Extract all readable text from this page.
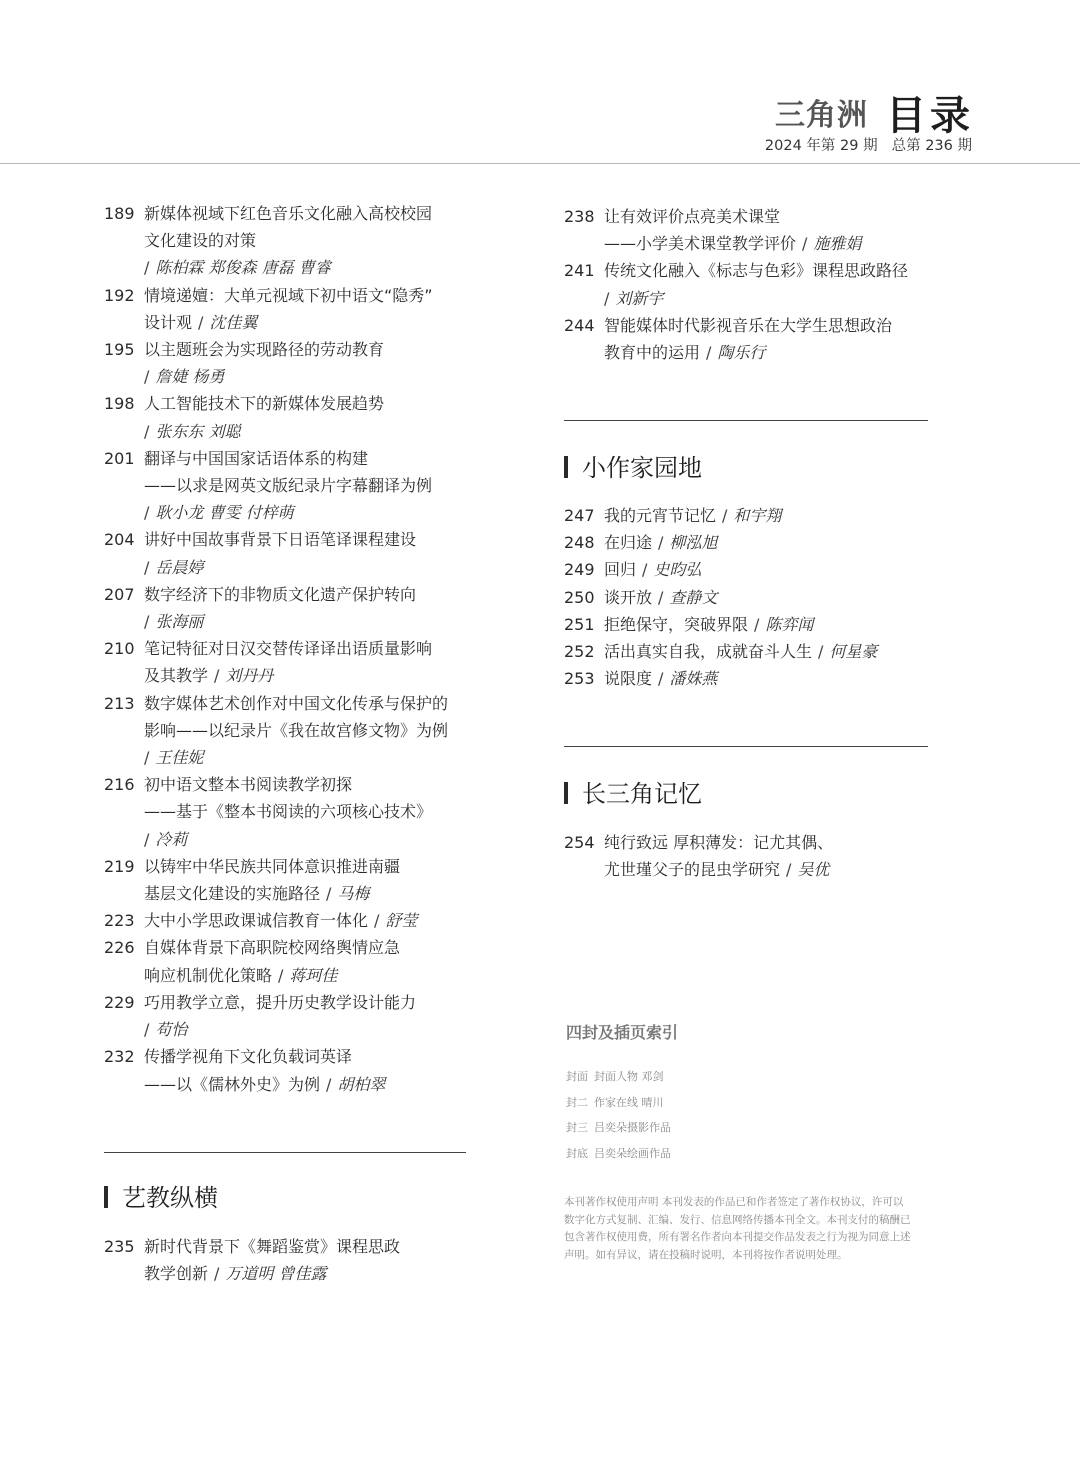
三角洲 目录
2024 年第 29 期 总第 236 期
189 新媒体视域下红色音乐文化融入高校校园
文化建设的对策
/ 陈柏霖 郑俊森 唐磊 曹睿
192 情境递嬗：大单元视域下初中语文“隐秀”
设计观 / 沈佳翼
195 以主题班会为实现路径的劳动教育
/ 詹婕 杨勇
198 人工智能技术下的新媒体发展趋势
/ 张东东 刘聪
201 翻译与中国国家话语体系的构建
——以求是网英文版纪录片字幕翻译为例
/ 耿小龙 曹雯 付梓萌
204 讲好中国故事背景下日语笔译课程建设
/ 岳晨婷
207 数字经济下的非物质文化遗产保护转向
/ 张海丽
210 笔记特征对日汉交替传译译出语质量影响
及其教学 / 刘丹丹
213 数字媒体艺术创作对中国文化传承与保护的
影响——以纪录片《我在故宫修文物》为例
/ 王佳妮
216 初中语文整本书阅读教学初探
——基于《整本书阅读的六项核心技术》
/ 冷莉
219 以铸牢中华民族共同体意识推进南疆
基层文化建设的实施路径 / 马梅
223 大中小学思政课诚信教育一体化 / 舒莹
226 自媒体背景下高职院校网络舆情应急
响应机制优化策略 / 蒋珂佳
229 巧用教学立意，提升历史教学设计能力
/ 苟怡
232 传播学视角下文化负载词英译
——以《儒林外史》为例 / 胡柏翠
艺教纵横
235 新时代背景下《舞蹈鉴赏》课程思政
教学创新 / 万道明 曾佳露
238 让有效评价点亮美术课堂
——小学美术课堂教学评价 / 施雅娟
241 传统文化融入《标志与色彩》课程思政路径
/ 刘新宇
244 智能媒体时代影视音乐在大学生思想政治
教育中的运用 / 陶乐行
小作家园地
247 我的元宵节记忆 / 和宇翔
248 在归途 / 柳泓旭
249 回归 / 史昀弘
250 谈开放 / 查静文
251 拒绝保守，突破界限 / 陈弈闻
252 活出真实自我，成就奋斗人生 / 何星豪
253 说限度 / 潘姝燕
长三角记忆
254 纯行致远 厚积薄发：记尤其偶、
尤世瑾父子的昆虫学研究 / 吴优
四封及插页索引
封面 封面人物 邓剑
封二 作家在线 晴川
封三 吕奕朵摄影作品
封底 吕奕朵绘画作品
本刊著作权使用声明 本刊发表的作品已和作者签定了著作权协议，许可以数字化方式复制、汇编、发行、信息网络传播本刊全文。本刊支付的稿酬已包含著作权使用费，所有署名作者向本刊提交作品发表之行为视为同意上述声明。如有异议，请在投稿时说明，本刊将按作者说明处理。
